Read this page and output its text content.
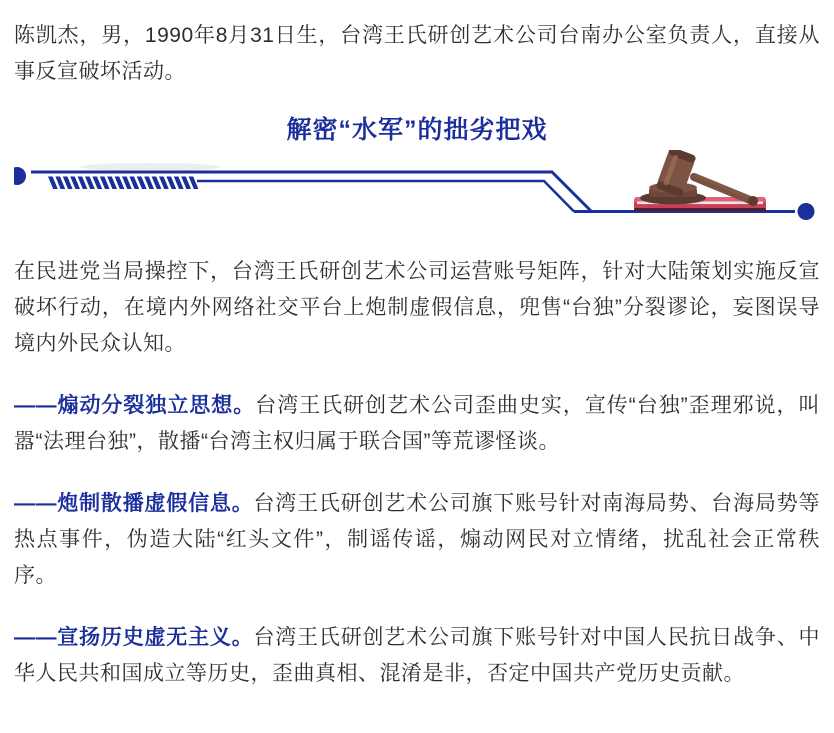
陈凯杰，男，1990年8月31日生，台湾王氏研创艺术公司台南办公室负责人，直接从事反宣破坏活动。

解密“水军”的拙劣把戏

在民进党当局操控下，台湾王氏研创艺术公司运营账号矩阵，针对大陆策划实施反宣破坏行动，在境内外网络社交平台上炮制虚假信息，兜售“台独”分裂谬论，妄图误导境内外民众认知。

——煽动分裂独立思想。台湾王氏研创艺术公司歪曲史实，宣传“台独”歪理邪说，叫嚣“法理台独”，散播“台湾主权归属于联合国”等荒谬怪谈。

——炮制散播虚假信息。台湾王氏研创艺术公司旗下账号针对南海局势、台海局势等热点事件，伪造大陆“红头文件”，制谣传谣，煽动网民对立情绪，扰乱社会正常秩序。

——宣扬历史虚无主义。台湾王氏研创艺术公司旗下账号针对中国人民抗日战争、中华人民共和国成立等历史，歪曲真相、混淆是非，否定中国共产党历史贡献。
